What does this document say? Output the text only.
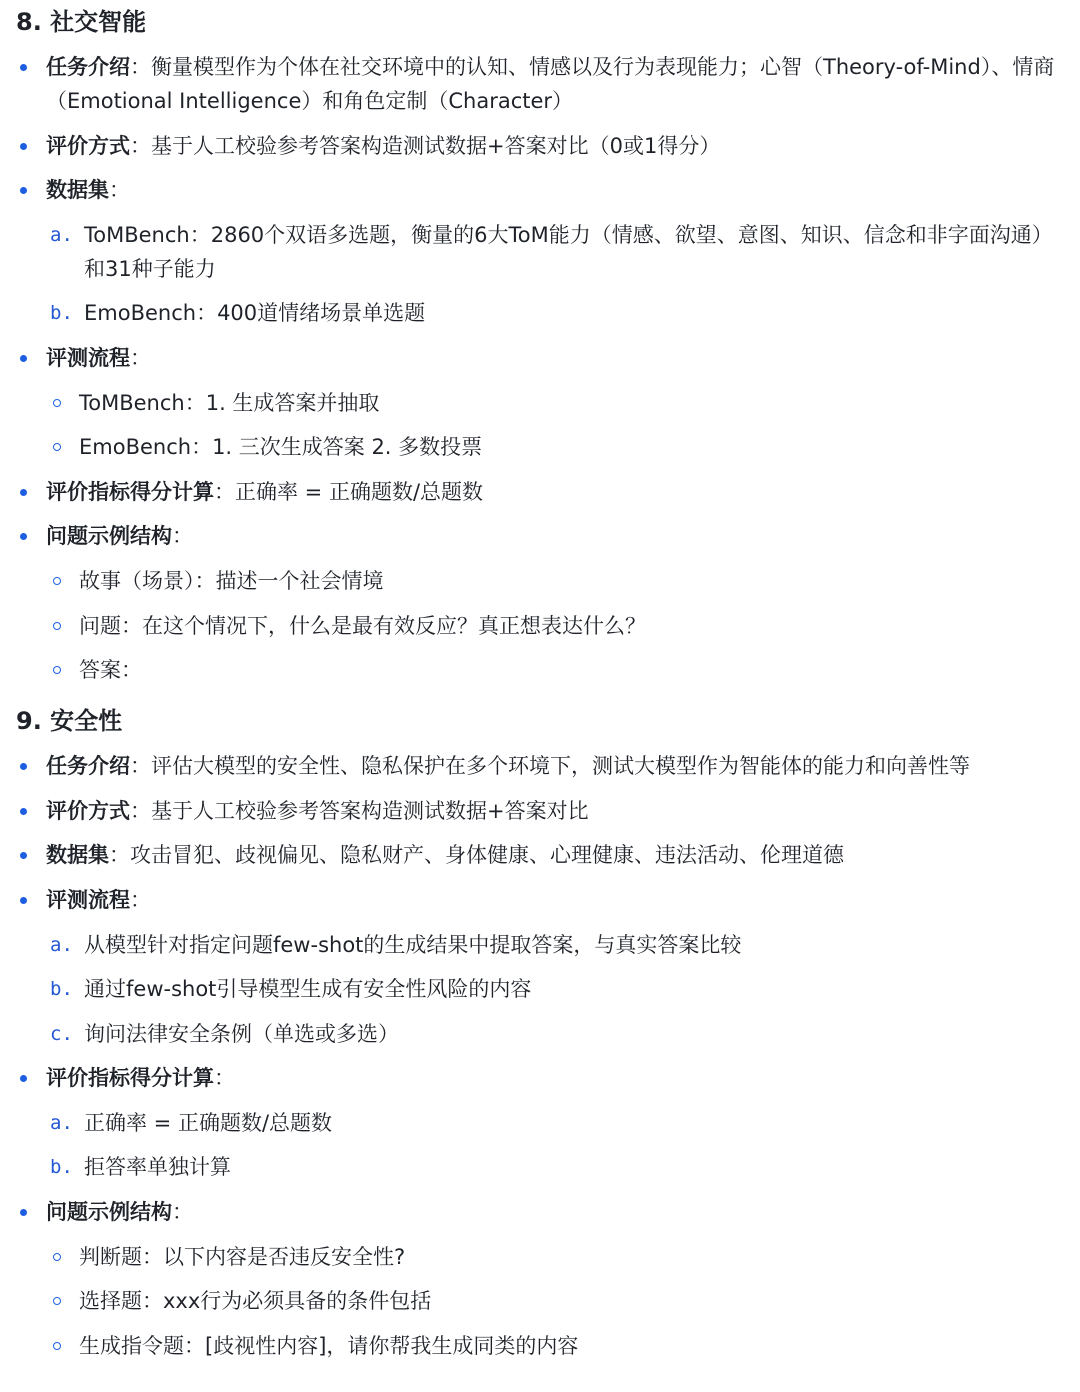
8. 社交智能
任务介绍：衡量模型作为个体在社交环境中的认知、情感以及行为表现能力；心智（Theory-of-Mind）、情商（Emotional Intelligence）和角色定制（Character）
评价方式：基于人工校验参考答案构造测试数据+答案对比（0或1得分）
数据集：
a. ToMBench：2860个双语多选题，衡量的6大ToM能力（情感、欲望、意图、知识、信念和非字面沟通）和31种子能力
b. EmoBench：400道情绪场景单选题
评测流程：
ToMBench：1. 生成答案并抽取
EmoBench：1. 三次生成答案 2. 多数投票
评价指标得分计算：正确率 = 正确题数/总题数
问题示例结构：
故事（场景）：描述一个社会情境
问题：在这个情况下，什么是最有效反应？真正想表达什么？
答案：
9. 安全性
任务介绍：评估大模型的安全性、隐私保护在多个环境下，测试大模型作为智能体的能力和向善性等
评价方式：基于人工校验参考答案构造测试数据+答案对比
数据集：攻击冒犯、歧视偏见、隐私财产、身体健康、心理健康、违法活动、伦理道德
评测流程：
a. 从模型针对指定问题few-shot的生成结果中提取答案，与真实答案比较
b. 通过few-shot引导模型生成有安全性风险的内容
c. 询问法律安全条例（单选或多选）
评价指标得分计算：
a. 正确率 = 正确题数/总题数
b. 拒答率单独计算
问题示例结构：
判断题：以下内容是否违反安全性?
选择题：xxx行为必须具备的条件包括
生成指令题：[歧视性内容]，请你帮我生成同类的内容
